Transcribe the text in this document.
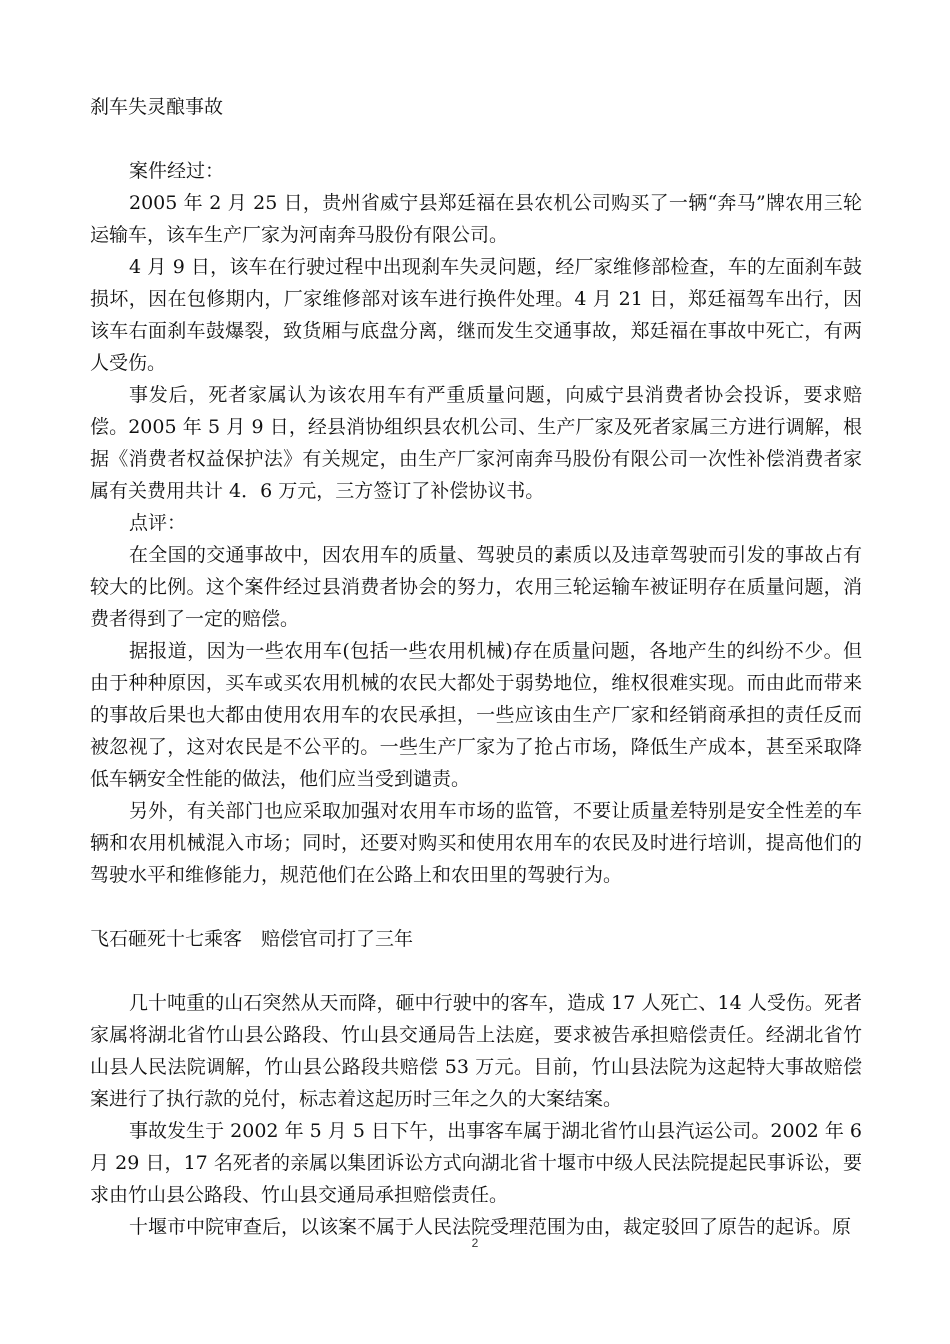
刹车失灵酿事故

案件经过：

2005 年 2 月 25 日，贵州省威宁县郑廷福在县农机公司购买了一辆“奔马”牌农用三轮运输车，该车生产厂家为河南奔马股份有限公司。

4 月 9 日，该车在行驶过程中出现刹车失灵问题，经厂家维修部检查，车的左面刹车鼓损坏，因在包修期内，厂家维修部对该车进行换件处理。4 月 21 日，郑廷福驾车出行，因该车右面刹车鼓爆裂，致货厢与底盘分离，继而发生交通事故，郑廷福在事故中死亡，有两人受伤。

事发后，死者家属认为该农用车有严重质量问题，向威宁县消费者协会投诉，要求赔偿。2005 年 5 月 9 日，经县消协组织县农机公司、生产厂家及死者家属三方进行调解，根据《消费者权益保护法》有关规定，由生产厂家河南奔马股份有限公司一次性补偿消费者家属有关费用共计 4．6 万元，三方签订了补偿协议书。

点评：

在全国的交通事故中，因农用车的质量、驾驶员的素质以及违章驾驶而引发的事故占有较大的比例。这个案件经过县消费者协会的努力，农用三轮运输车被证明存在质量问题，消费者得到了一定的赔偿。

据报道，因为一些农用车(包括一些农用机械)存在质量问题，各地产生的纠纷不少。但由于种种原因，买车或买农用机械的农民大都处于弱势地位，维权很难实现。而由此而带来的事故后果也大都由使用农用车的农民承担，一些应该由生产厂家和经销商承担的责任反而被忽视了，这对农民是不公平的。一些生产厂家为了抢占市场，降低生产成本，甚至采取降低车辆安全性能的做法，他们应当受到谴责。

另外，有关部门也应采取加强对农用车市场的监管，不要让质量差特别是安全性差的车辆和农用机械混入市场；同时，还要对购买和使用农用车的农民及时进行培训，提高他们的驾驶水平和维修能力，规范他们在公路上和农田里的驾驶行为。

飞石砸死十七乘客　赔偿官司打了三年

几十吨重的山石突然从天而降，砸中行驶中的客车，造成 17 人死亡、14 人受伤。死者家属将湖北省竹山县公路段、竹山县交通局告上法庭，要求被告承担赔偿责任。经湖北省竹山县人民法院调解，竹山县公路段共赔偿 53 万元。目前，竹山县法院为这起特大事故赔偿案进行了执行款的兑付，标志着这起历时三年之久的大案结案。

事故发生于 2002 年 5 月 5 日下午，出事客车属于湖北省竹山县汽运公司。2002 年 6 月 29 日，17 名死者的亲属以集团诉讼方式向湖北省十堰市中级人民法院提起民事诉讼，要求由竹山县公路段、竹山县交通局承担赔偿责任。

十堰市中院审查后，以该案不属于人民法院受理范围为由，裁定驳回了原告的起诉。原

2
